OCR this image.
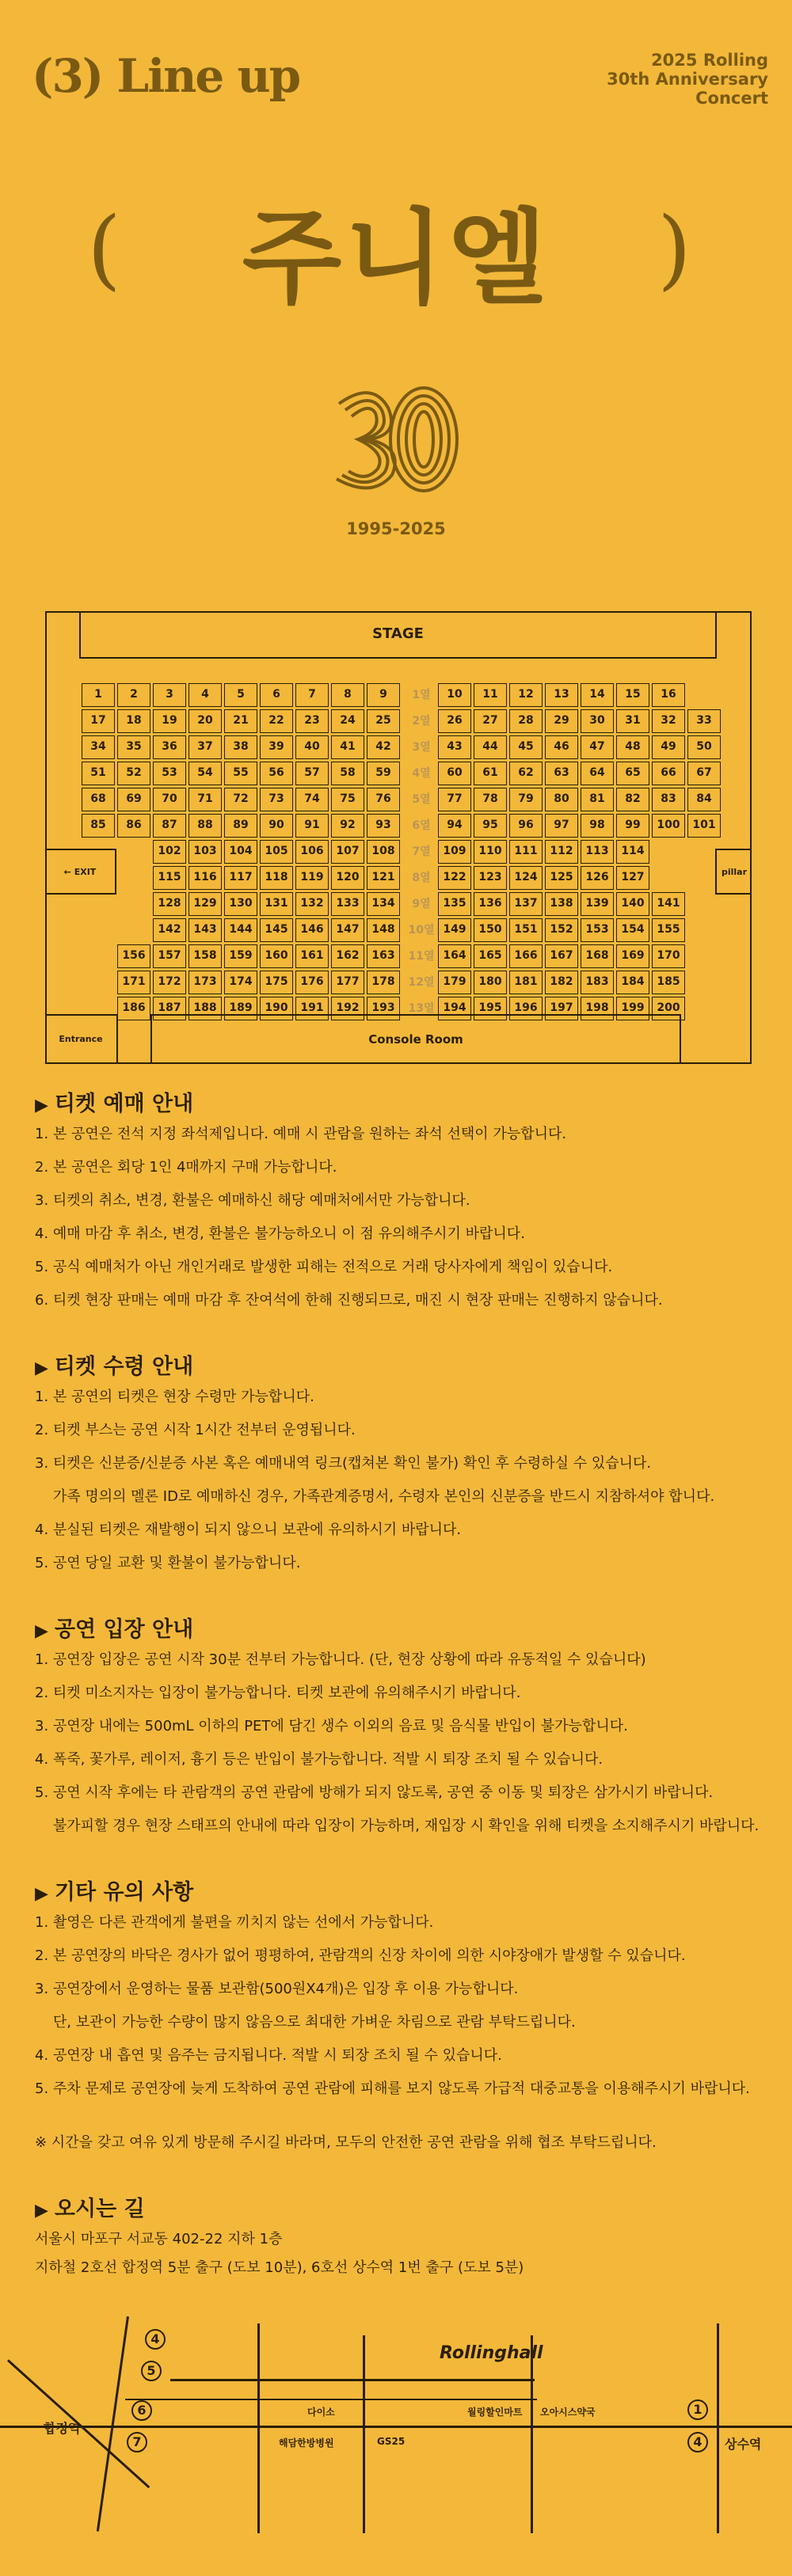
(3) Line up	2025 Rolling
30th Anniversary
Concert
(	)
주니엘
1995-2025
STAGE
← EXIT	pillar
Entrance	Console Room
1	2	3	4	5	6	7	8	9	10	11	12	13	14	15	16
17	18	19	20	21	22	23	24	25	26	27	28	29	30	31	32	33
34	35	36	37	38	39	40	41	42	43	44	45	46	47	48	49	50
51	52	53	54	55	56	57	58	59	60	61	62	63	64	65	66	67
68	69	70	71	72	73	74	75	76	77	78	79	80	81	82	83	84
85	86	87	88	89	90	91	92	93	94	95	96	97	98	99	100	101
102	103	104	105	106	107	108	109	110	111	112	113	114
115	116	117	118	119	120	121	122	123	124	125	126	127
128	129	130	131	132	133	134	135	136	137	138	139	140	141
142	143	144	145	146	147	148	149	150	151	152	153	154	155
156	157	158	159	160	161	162	163	164	165	166	167	168	169	170
171	172	173	174	175	176	177	178	179	180	181	182	183	184	185
186	187	188	189	190	191	192	193	194	195	196	197	198	199	200
1열
2열
3열
4열
5열
6열
7열
8열
9열
10열
11열
12열
13열
▶ 티켓 예매 안내
1. 본 공연은 전석 지정 좌석제입니다. 예매 시 관람을 원하는 좌석 선택이 가능합니다.
2. 본 공연은 회당 1인 4매까지 구매 가능합니다.
3. 티켓의 취소, 변경, 환불은 예매하신 해당 예매처에서만 가능합니다.
4. 예매 마감 후 취소, 변경, 환불은 불가능하오니 이 점 유의해주시기 바랍니다.
5. 공식 예매처가 아닌 개인거래로 발생한 피해는 전적으로 거래 당사자에게 책임이 있습니다.
6. 티켓 현장 판매는 예매 마감 후 잔여석에 한해 진행되므로, 매진 시 현장 판매는 진행하지 않습니다.
▶ 티켓 수령 안내
1. 본 공연의 티켓은 현장 수령만 가능합니다.
2. 티켓 부스는 공연 시작 1시간 전부터 운영됩니다.
3. 티켓은 신분증/신분증 사본 혹은 예매내역 링크(캡쳐본 확인 불가) 확인 후 수령하실 수 있습니다.
가족 명의의 멜론 ID로 예매하신 경우, 가족관계증명서, 수령자 본인의 신분증을 반드시 지참하셔야 합니다.
4. 분실된 티켓은 재발행이 되지 않으니 보관에 유의하시기 바랍니다.
5. 공연 당일 교환 및 환불이 불가능합니다.
▶ 공연 입장 안내
1. 공연장 입장은 공연 시작 30분 전부터 가능합니다. (단, 현장 상황에 따라 유동적일 수 있습니다)
2. 티켓 미소지자는 입장이 불가능합니다. 티켓 보관에 유의해주시기 바랍니다.
3. 공연장 내에는 500mL 이하의 PET에 담긴 생수 이외의 음료 및 음식물 반입이 불가능합니다.
4. 폭죽, 꽃가루, 레이저, 흉기 등은 반입이 불가능합니다. 적발 시 퇴장 조치 될 수 있습니다.
5. 공연 시작 후에는 타 관람객의 공연 관람에 방해가 되지 않도록, 공연 중 이동 및 퇴장은 삼가시기 바랍니다.
불가피할 경우 현장 스태프의 안내에 따라 입장이 가능하며, 재입장 시 확인을 위해 티켓을 소지해주시기 바랍니다.
▶ 기타 유의 사항
1. 촬영은 다른 관객에게 불편을 끼치지 않는 선에서 가능합니다.
2. 본 공연장의 바닥은 경사가 없어 평평하여, 관람객의 신장 차이에 의한 시야장애가 발생할 수 있습니다.
3. 공연장에서 운영하는 물품 보관함(500원X4개)은 입장 후 이용 가능합니다.
단, 보관이 가능한 수량이 많지 않음으로 최대한 가벼운 차림으로 관람 부탁드립니다.
4. 공연장 내 흡연 및 음주는 금지됩니다. 적발 시 퇴장 조치 될 수 있습니다.
5. 주차 문제로 공연장에 늦게 도착하여 공연 관람에 피해를 보지 않도록 가급적 대중교통을 이용해주시기 바랍니다.
※ 시간을 갖고 여유 있게 방문해 주시길 바라며, 모두의 안전한 공연 관람을 위해 협조 부탁드립니다.
▶ 오시는 길
서울시 마포구 서교동 402-22 지하 1층
지하철 2호선 합정역 5분 출구 (도보 10분), 6호선 상수역 1번 출구 (도보 5분)
4
5
6
7
1
4
합정역
상수역
Rollinghall
다이소
해담한방병원	GS25
월링할인마트 오아시스약국
